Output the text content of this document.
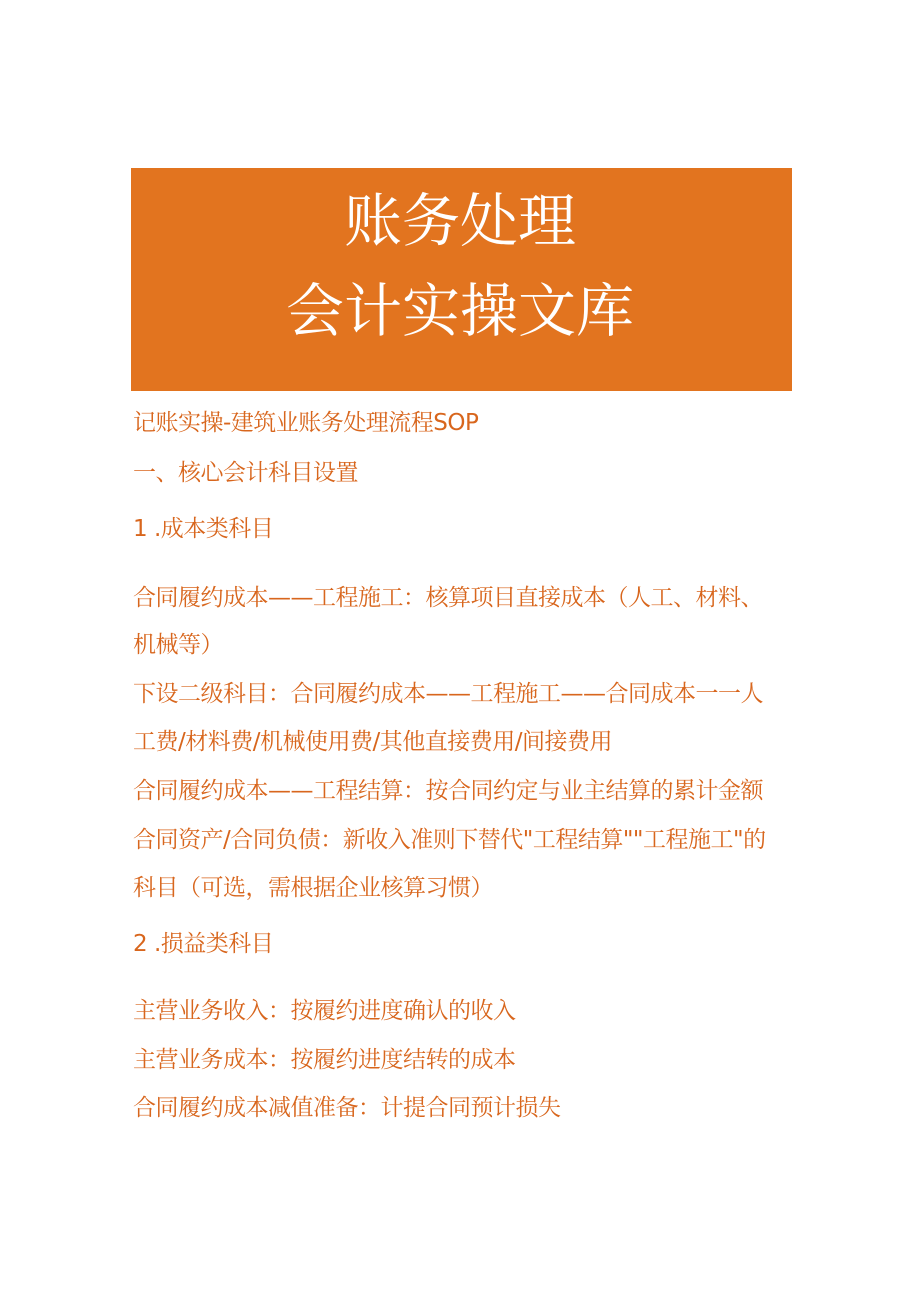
账务处理
会计实操文库
记账实操-建筑业账务处理流程SOP
一、核心会计科目设置
1 .成本类科目
合同履约成本——工程施工：核算项目直接成本（人工、材料、
机械等）
下设二级科目：合同履约成本——工程施工——合同成本一一人
工费/材料费/机械使用费/其他直接费用/间接费用
合同履约成本——工程结算：按合同约定与业主结算的累计金额
合同资产/合同负债：新收入准则下替代"工程结算""工程施工"的
科目（可选，需根据企业核算习惯）
2 .损益类科目
主营业务收入：按履约进度确认的收入
主营业务成本：按履约进度结转的成本
合同履约成本减值准备：计提合同预计损失
